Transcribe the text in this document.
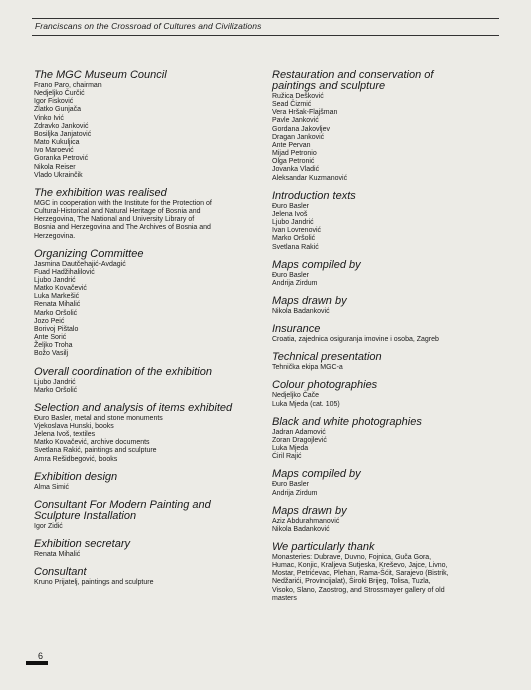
Franciscans on the Crossroad of Cultures and Civilizations
The MGC Museum Council
Frano Paro, chairman
Nedjeljko Čurčić
Igor Fisković
Zlatko Gunjača
Vinko Ivić
Zdravko Janković
Bosiljka Janjatović
Mato Kukuljica
Ivo Maroević
Goranka Petrović
Nikola Reiser
Vlado Ukrainčik
The exhibition was realised
MGC in cooperation with the Institute for the Protection of
Cultural-Historical and Natural Heritage of Bosnia and
Herzegovina, The National and University Library of
Bosnia and Herzegovina and The Archives of Bosnia and
Herzegovina.
Organizing Committee
Jasmina Dautčehajić-Avdagić
Fuad Hadžihalilović
Ljubo Jandrić
Matko Kovačević
Luka Markešić
Renata Mihalić
Marko Oršolić
Jozo Peić
Borivoj Pištalo
Ante Sorić
Željko Troha
Božo Vasilj
Overall coordination of the exhibition
Ljubo Jandrić
Marko Oršolić
Selection and analysis of items exhibited
Đuro Basler, metal and stone monuments
Vjekoslava Hunski, books
Jelena Ivoš, textiles
Matko Kovačević, archive documents
Svetlana Rakić, paintings and sculpture
Amra Rešidbegović, books
Exhibition design
Alma Simić
Consultant For Modern Painting and Sculpture Installation
Igor Zidić
Exhibition secretary
Renata Mihalić
Consultant
Kruno Prijatelj, paintings and sculpture
Restauration and conservation of paintings and sculpture
Ružica Dešković
Sead Čizmić
Vera Hršak-Flajšman
Pavle Janković
Gordana Jakovljev
Dragan Janković
Ante Pervan
Mijad Petronio
Olga Petronić
Jovanka Vladić
Aleksandar Kuzmanović
Introduction texts
Đuro Basler
Jelena Ivoš
Ljubo Jandrić
Ivan Lovrenović
Marko Oršolić
Svetlana Rakić
Maps compiled by
Đuro Basler
Andrija Zirdum
Maps drawn by
Nikola Badanković
Insurance
Croatia, zajednica osiguranja imovine i osoba, Zagreb
Technical presentation
Tehnička ekipa MGC-a
Colour photographies
Nedjeljko Čače
Luka Mjeda (cat. 105)
Black and white photographies
Jadran Adamović
Zoran Dragojlević
Luka Mjeda
Ćiril Rajić
Maps compiled by
Đuro Basler
Andrija Zirdum
Maps drawn by
Aziz Abdurahmanović
Nikola Badanković
We particularly thank
Monasteries: Dubrave, Duvno, Fojnica, Guča Gora,
Humac, Konjic, Kraljeva Sutjeska, Kreševo, Jajce, Livno,
Mostar, Petrićevac, Plehan, Rama-Šćit, Sarajevo (Bistrik,
Nedžarići, Provincijalat), Široki Brijeg, Tolisa, Tuzla,
Visoko, Slano, Zaostrog, and Strossmayer gallery of old
masters
6
